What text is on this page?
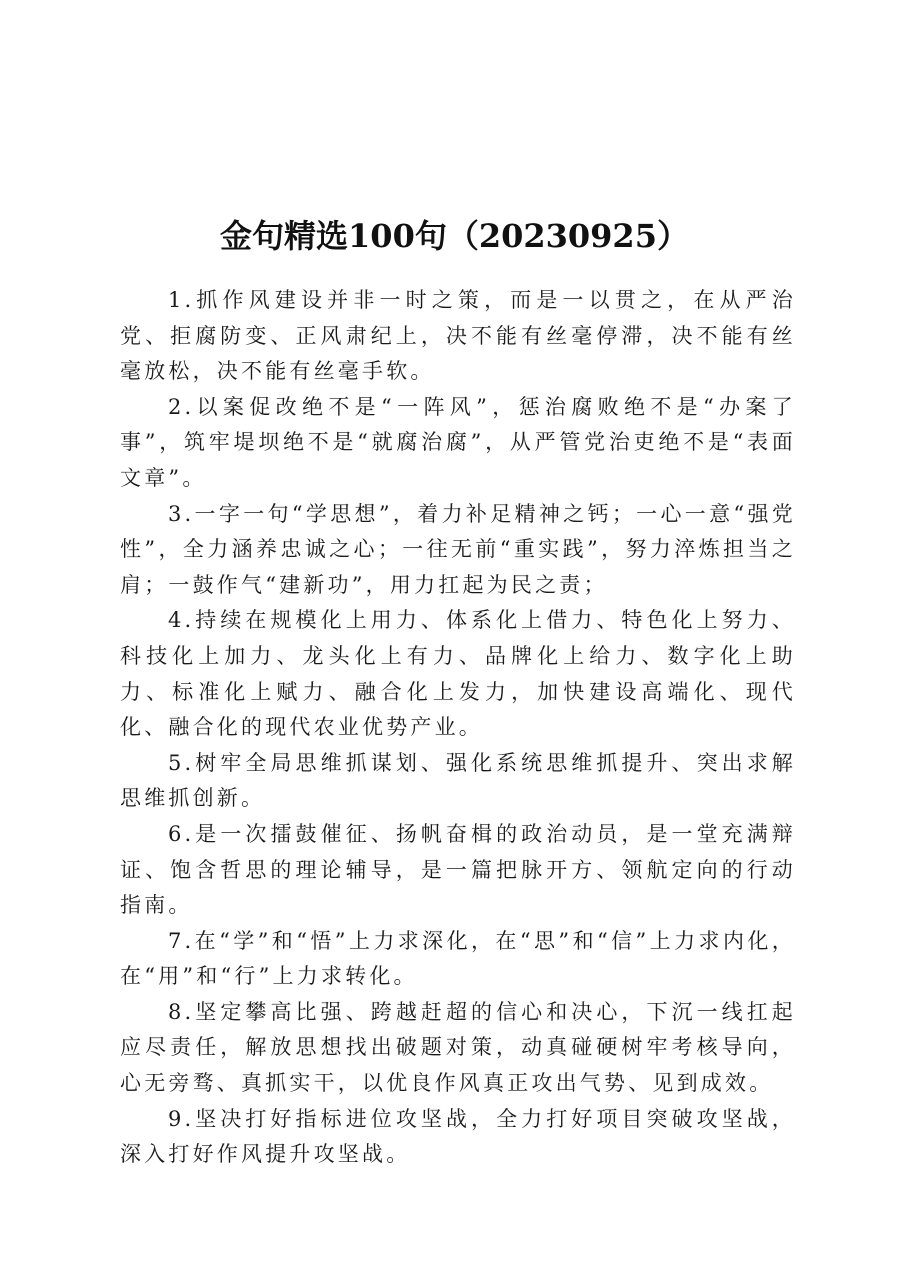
金句精选100句（20230925）

1.抓作风建设并非一时之策，而是一以贯之，在从严治党、拒腐防变、正风肃纪上，决不能有丝毫停滞，决不能有丝毫放松，决不能有丝毫手软。

2.以案促改绝不是“一阵风”，惩治腐败绝不是“办案了事”，筑牢堤坝绝不是“就腐治腐”，从严管党治吏绝不是“表面文章”。

3.一字一句“学思想”，着力补足精神之钙；一心一意“强党性”，全力涵养忠诚之心；一往无前“重实践”，努力淬炼担当之肩；一鼓作气“建新功”，用力扛起为民之责；

4.持续在规模化上用力、体系化上借力、特色化上努力、科技化上加力、龙头化上有力、品牌化上给力、数字化上助力、标准化上赋力、融合化上发力，加快建设高端化、现代化、融合化的现代农业优势产业。

5.树牢全局思维抓谋划、强化系统思维抓提升、突出求解思维抓创新。

6.是一次擂鼓催征、扬帆奋楫的政治动员，是一堂充满辩证、饱含哲思的理论辅导，是一篇把脉开方、领航定向的行动指南。

7.在“学”和“悟”上力求深化，在“思”和“信”上力求内化，在“用”和“行”上力求转化。

8.坚定攀高比强、跨越赶超的信心和决心，下沉一线扛起应尽责任，解放思想找出破题对策，动真碰硬树牢考核导向，心无旁骛、真抓实干，以优良作风真正攻出气势、见到成效。

9.坚决打好指标进位攻坚战，全力打好项目突破攻坚战，深入打好作风提升攻坚战。
